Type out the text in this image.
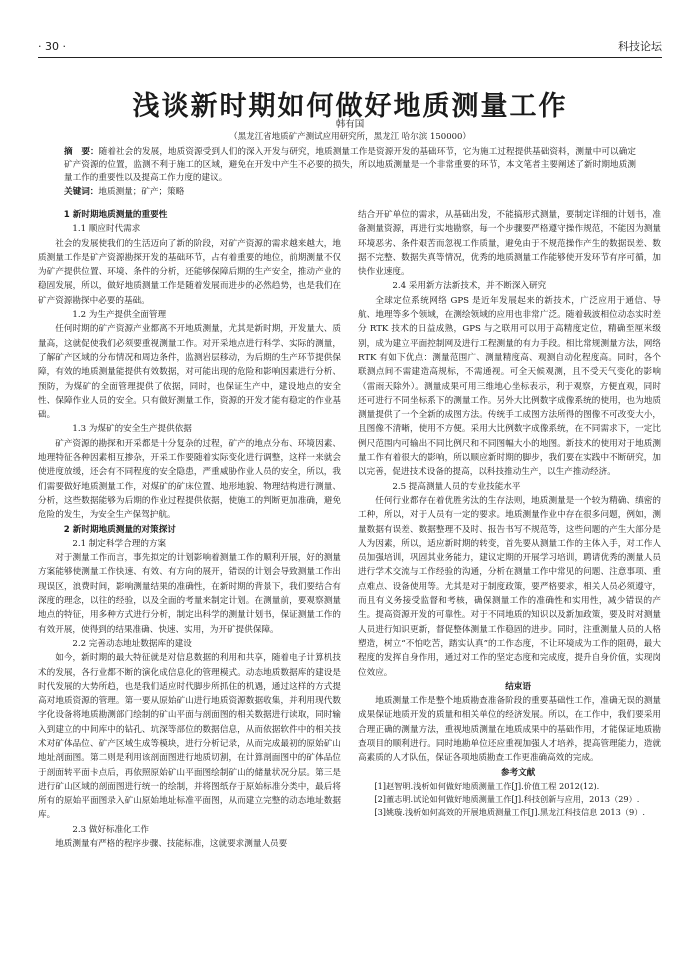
· 30 ·	科技论坛
浅谈新时期如何做好地质测量工作
韩有国
（黑龙江省地质矿产测试应用研究所，黑龙江 哈尔滨 150000）
摘　要：随着社会的发展，地质资源受到人们的深入开发与研究，地质测量工作是资源开发的基础环节，它为施工过程提供基础资料，测量中可以确定矿产资源的位置，监测不利于施工的区域，避免在开发中产生不必要的损失，所以地质测量是一个非常重要的环节，本文笔者主要阐述了新时期地质测量工作的重要性以及提高工作力度的建议。
关键词：地质测量；矿产；策略

1 新时期地质测量的重要性

1.1 顺应时代需求

社会的发展使我们的生活迈向了新的阶段，对矿产资源的需求越来越大，地质测量工作是矿产资源勘探开发的基础环节，占有着重要的地位，前期测量不仅为矿产提供位置、环境、条件的分析，还能够保障后期的生产安全，推动产业的稳固发展，所以，做好地质测量工作是随着发展而进步的必然趋势，也是我们在矿产资源勘探中必要的基础。

1.2 为生产提供全面管理

任何时期的矿产资源产业都离不开地质测量，尤其是新时期，开发量大、质量高，这就促使我们必须要重视测量工作。对开采地点进行科学、实际的测量，了解矿产区域的分布情况和周边条件，监测岩层移动，为后期的生产环节提供保障，有效的地质测量能提供有效数据，对可能出现的危险和影响因素进行分析、预防，为煤矿的全面管理提供了依据，同时，也保证生产中，建设地点的安全性、保障作业人员的安全。只有做好测量工作，资源的开发才能有稳定的作业基础。

1.3 为煤矿的安全生产提供依据

矿产资源的勘探和开采都是十分复杂的过程，矿产的地点分布、环境因素、地理特征各种因素相互掺杂，开采工作要随着实际变化进行调整，这样一来就会使进度放缓，还会有不同程度的安全隐患，严重威胁作业人员的安全，所以，我们需要做好地质测量工作，对煤矿的矿床位置、地形地貌、物理结构进行测量、分析，这些数据能够为后期的作业过程提供依据，使施工的判断更加准确，避免危险的发生，为安全生产保驾护航。

2 新时期地质测量的对策探讨

2.1 制定科学合理的方案

对于测量工作而言，事先拟定的计划影响着测量工作的顺利开展，好的测量方案能够使测量工作快速、有效、有方向的展开，错误的计划会导致测量工作出现误区，浪费时间，影响测量结果的准确性，在新时期的背景下，我们要结合有深度的理念，以往的经验，以及全面的考量来制定计划。在测量前，要观察测量地点的特征，用多种方式进行分析，制定出科学的测量计划书，保证测量工作的有效开展，使得到的结果准确、快速、实用，为开矿提供保障。

2.2 完善动态地址数据库的建设

如今，新时期的最大特征就是对信息数据的利用和共享，随着电子计算机技术的发展，各行业都不断的演化成信息化的管理模式。动态地质数据库的建设是时代发展的大势所趋，也是我们适应时代脚步所抓住的机遇，通过这样的方式提高对地质资源的管理。第一要从原始矿山进行地质资源数据收集，并利用现代数字化设备将地质勘测部门绘制的矿山平面与剖面图的相关数据进行读取，同时输入到建立的中间库中的钻孔、坑深等部位的数据信息，从而依据软件中的相关技术对矿体品位、矿产区域生成等模块，进行分析记录，从而完成最初的原始矿山地址剖面图。第二则是利用该剖面图进行地质切割，在计算剖面图中的矿体品位于剖面转平面卡点后，再依照原始矿山平面图绘制矿山的储量状况分层。第三是进行矿山区域的剖面图进行统一的绘制，并将图纸存于原始标准分类中，最后将所有的原始平面图录入矿山原始地址标准平面图，从而建立完整的动态地址数据库。

2.3 做好标准化工作

地质测量有严格的程序步骤、技能标准，这就要求测量人员要

结合开矿单位的需求，从基础出发，不能搞形式测量，要制定详细的计划书，准备测量资源，再进行实地勘察，每一个步骤要严格遵守操作规范，不能因为测量环境恶劣、条件艰苦而忽视工作质量，避免由于不规范操作产生的数据误差、数据不完整、数据失真等情况，优秀的地质测量工作能够使开发环节有序可循，加快作业速度。

2.4 采用新方法新技术，并不断深入研究

全球定位系统网络 GPS 是近年发展起来的新技术，广泛应用于通信、导航、地理等多个领域，在测绘领域的应用也非常广泛。随着载波相位动态实时差分 RTK 技术的日益成熟，GPS 与之联用可以用于高精度定位，精确至厘米级别，成为建立平面控制网及进行工程测量的有力手段。相比常规测量方法，网络 RTK 有如下优点：测量范围广、测量精度高、观测自动化程度高。同时，各个联测点间不需建造高规标，不需通视。可全天候观测，且不受天气变化的影响（雷雨天除外）。测量成果可用三维地心坐标表示，利于观察，方便直观，同时还可进行不同坐标系下的测量工作。另外大比例数字成像系统的使用，也为地质测量提供了一个全新的成图方法。传统手工成图方法所得的图像不可改变大小，且图像不清晰，使用不方便。采用大比例数字成像系统，在不同需求下，一定比例尺范围内可输出不同比例尺和不同图幅大小的地图。新技术的使用对于地质测量工作有着很大的影响，所以顺应新时期的脚步，我们要在实践中不断研究，加以完善，促进技术设备的提高，以科技推动生产，以生产推动经济。

2.5 提高测量人员的专业技能水平

任何行业都存在着优胜劣汰的生存法则，地质测量是一个较为精确、缜密的工种，所以，对于人员有一定的要求。地质测量作业中存在很多问题，例如，测量数据有误差、数据整理不及时、报告书写不规范等，这些问题的产生大部分是人为因素，所以，适应新时期的转变，首先要从测量工作的主体入手，对工作人员加强培训，巩固其业务能力，建议定期的开展学习培训，聘请优秀的测量人员进行学术交流与工作经验的沟通，分析在测量工作中常见的问题、注意事项、重点难点、设备使用等。尤其是对于制度政策，要严格要求，相关人员必须遵守，而且有义务接受监督和考核，确保测量工作的准确性和实用性，减少错误的产生。提高资源开发的可靠性。对于不同地质的知识以及新加政策，要及时对测量人员进行知识更新，督促整体测量工作稳固的进步。同时，注重测量人员的人格塑造，树立“不怕吃苦，踏实认真”的工作态度，不让环境成为工作的阻碍，最大程度的发挥自身作用，通过对工作的坚定态度和完成度，提升自身价值，实现岗位效应。

结束语

地质测量工作是整个地质勘查准备阶段的重要基础性工作，准确无误的测量成果保证地质开发的质量和相关单位的经济发展。所以，在工作中，我们要采用合理正确的测量方法，重视地质测量在地质成果中的基础作用，才能保证地质勘查项目的顺利进行。同时地勘单位还应重视加强人才培养，提高管理能力，造就高素质的人才队伍，保证各项地质勘查工作更准确高效的完成。

参考文献

[1]赵智明.浅析如何做好地质测量工作[J].价值工程 2012(12).

[2]董志明.试论如何做好地质测量工作[J].科技创新与应用，2013（29）.

[3]姚璇.浅析如何高效的开展地质测量工作[J].黑龙江科技信息 2013（9）.
